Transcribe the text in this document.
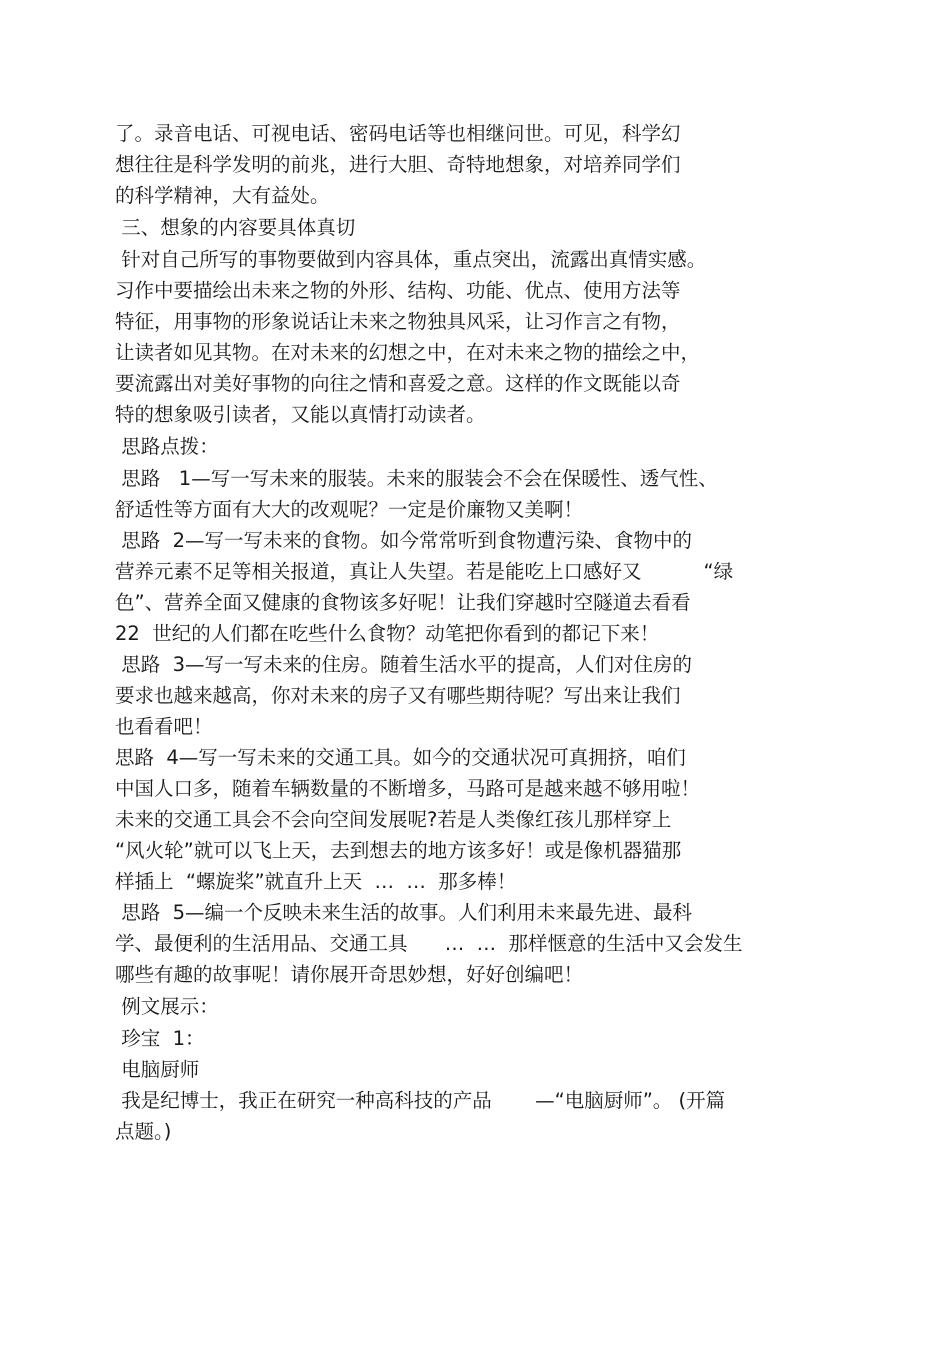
了。录音电话、可视电话、密码电话等也相继问世。可见，科学幻
想往往是科学发明的前兆，进行大胆、奇特地想象，对培养同学们
的科学精神，大有益处。
三、想象的内容要具体真切
针对自己所写的事物要做到内容具体，重点突出，流露出真情实感。
习作中要描绘出未来之物的外形、结构、功能、优点、使用方法等
特征，用事物的形象说话让未来之物独具风采，让习作言之有物，
让读者如见其物。在对未来的幻想之中，在对未来之物的描绘之中，
要流露出对美好事物的向往之情和喜爱之意。这样的作文既能以奇
特的想象吸引读者，又能以真情打动读者。
思路点拨：
思路   1—写一写未来的服装。未来的服装会不会在保暖性、透气性、
舒适性等方面有大大的改观呢？一定是价廉物又美啊！
思路  2—写一写未来的食物。如今常常听到食物遭污染、食物中的
营养元素不足等相关报道，真让人失望。若是能吃上口感好又          “绿
色”、营养全面又健康的食物该多好呢！让我们穿越时空隧道去看看
22  世纪的人们都在吃些什么食物？动笔把你看到的都记下来！
思路  3—写一写未来的住房。随着生活水平的提高，人们对住房的
要求也越来越高，你对未来的房子又有哪些期待呢？写出来让我们
也看看吧！
思路  4—写一写未来的交通工具。如今的交通状况可真拥挤，咱们
中国人口多，随着车辆数量的不断增多，马路可是越来越不够用啦！
未来的交通工具会不会向空间发展呢?若是人类像红孩儿那样穿上
“风火轮”就可以飞上天，去到想去的地方该多好！或是像机器猫那
样插上  “螺旋桨”就直升上天  …  …  那多棒！
思路  5—编一个反映未来生活的故事。人们利用未来最先进、最科
学、最便利的生活用品、交通工具      …  …  那样惬意的生活中又会发生
哪些有趣的故事呢！请你展开奇思妙想，好好创编吧！
例文展示：
珍宝  1：
电脑厨师
我是纪博士，我正在研究一种高科技的产品       —“电脑厨师”。 (开篇
点题。)
